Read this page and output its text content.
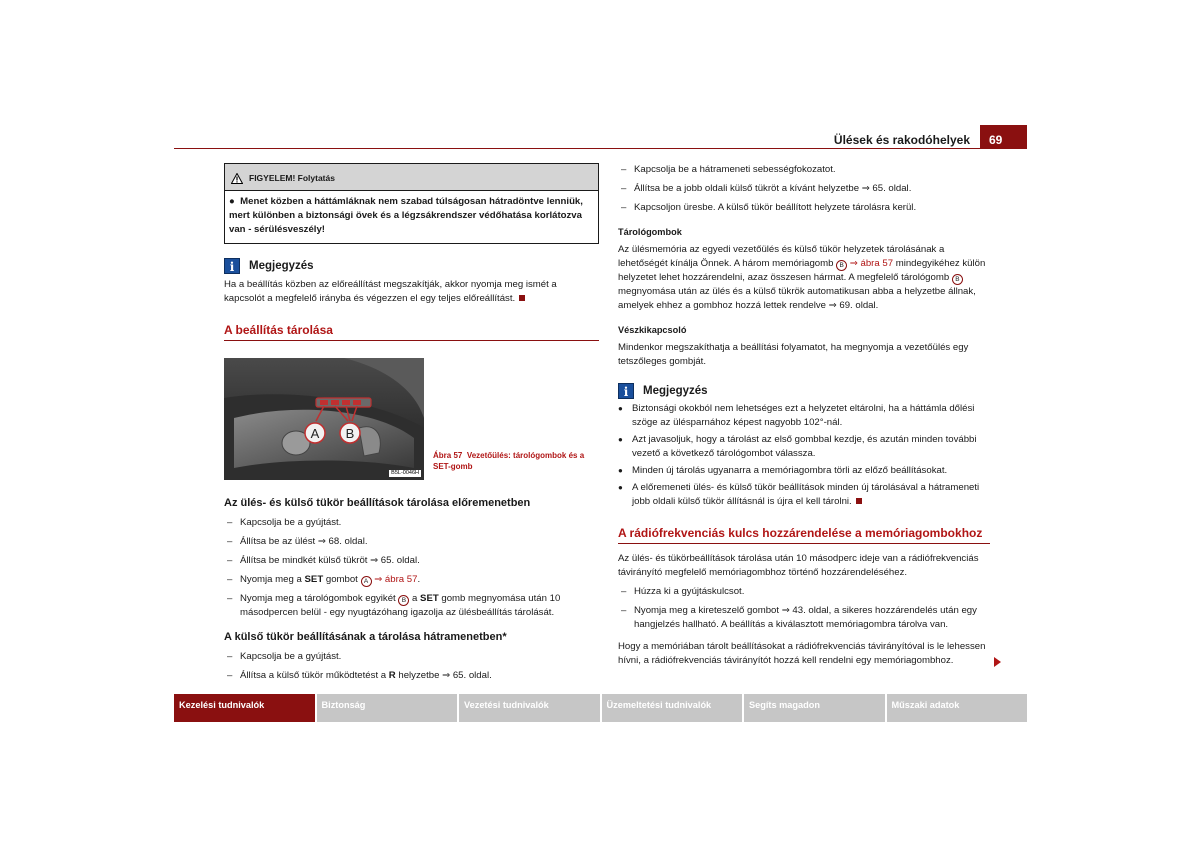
Ülések és rakodóhelyek	69
FIGYELEM! Folytatás
●  Menet közben a háttámláknak nem szabad túlságosan hátradöntve lenniük, mert különben a biztonsági övek és a légzsákrendszer védőhatása korlátozva van - sérülésveszély!
i	Megjegyzés
Ha a beállítás közben az előreállítást megszakítják, akkor nyomja meg ismét a kapcsolót a megfelelő irányba és végezzen el egy teljes előreállítást.
A beállítás tárolása
A B
B5L-0046H
Ábra 57 Vezetőülés: tárológombok és a SET-gomb
Az ülés- és külső tükör beállítások tárolása előremenetben
– Kapcsolja be a gyújtást.
– Állítsa be az ülést ⇒ 68. oldal.
– Állítsa be mindkét külső tükröt ⇒ 65. oldal.
– Nyomja meg a SET gombot A ⇒ ábra 57.
– Nyomja meg a tárológombok egyikét B a SET gomb megnyomása után 10 másodpercen belül - egy nyugtázóhang igazolja az ülésbeállítás tárolását.
A külső tükör beállításának a tárolása hátramenetben*
– Kapcsolja be a gyújtást.
– Állítsa a külső tükör működtetést a R helyzetbe ⇒ 65. oldal.
– Kapcsolja be a hátrameneti sebességfokozatot.
– Állítsa be a jobb oldali külső tükröt a kívánt helyzetbe ⇒ 65. oldal.
– Kapcsoljon üresbe. A külső tükör beállított helyzete tárolásra kerül.
Tárológombok
Az ülésmemória az egyedi vezetőülés és külső tükör helyzetek tárolásának a lehetőségét kínálja Önnek. A három memóriagomb B ⇒ ábra 57 mindegyikéhez külön helyzetet lehet hozzárendelni, azaz összesen hármat. A megfelelő tárológomb B megnyomása után az ülés és a külső tükrök automatikusan abba a helyzetbe állnak, amelyek ehhez a gombhoz hozzá lettek rendelve ⇒ 69. oldal.
Vészkikapcsoló
Mindenkor megszakíthatja a beállítási folyamatot, ha megnyomja a vezetőülés egy tetszőleges gombját.
i	Megjegyzés
● Biztonsági okokból nem lehetséges ezt a helyzetet eltárolni, ha a háttámla dőlési szöge az ülésparnához képest nagyobb 102°-nál.
● Azt javasoljuk, hogy a tárolást az első gombbal kezdje, és azután minden további vezető a következő tárológombot válassza.
● Minden új tárolás ugyanarra a memóriagombra törli az előző beállításokat.
● A előremeneti ülés- és külső tükör beállítások minden új tárolásával a hátrameneti jobb oldali külső tükör állításnál is újra el kell tárolni.
A rádiófrekvenciás kulcs hozzárendelése a memóriagombokhoz
Az ülés- és tükörbeállítások tárolása után 10 másodperc ideje van a rádiófrekvenciás távirányító megfelelő memóriagombhoz történő hozzárendeléséhez.
– Húzza ki a gyújtáskulcsot.
– Nyomja meg a kireteszelő gombot ⇒ 43. oldal, a sikeres hozzárendelés után egy hangjelzés hallható. A beállítás a kiválasztott memóriagombra tárolva van.
Hogy a memóriában tárolt beállításokat a rádiófrekvenciás távirányítóval is le lehessen hívni, a rádiófrekvenciás távirányítót hozzá kell rendelni egy memóriagombhoz.
Kezelési tudnivalók	Biztonság	Vezetési tudnivalók	Üzemeltetési tudnivalók	Segíts magadon	Műszaki adatok
